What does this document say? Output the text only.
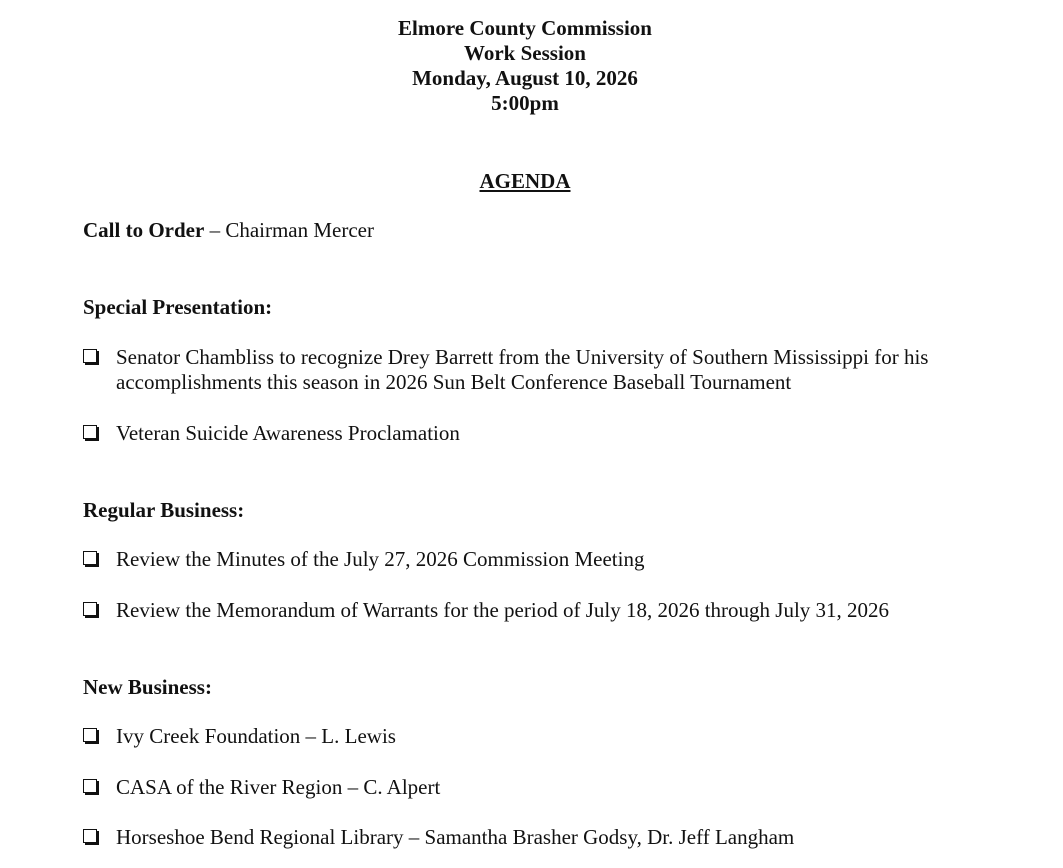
Elmore County Commission
Work Session
Monday, August 10, 2026
5:00pm
AGENDA
Call to Order – Chairman Mercer
Special Presentation:
Senator Chambliss to recognize Drey Barrett from the University of Southern Mississippi for his accomplishments this season in 2026 Sun Belt Conference Baseball Tournament
Veteran Suicide Awareness Proclamation
Regular Business:
Review the Minutes of the July 27, 2026 Commission Meeting
Review the Memorandum of Warrants for the period of July 18, 2026 through July 31, 2026
New Business:
Ivy Creek Foundation – L. Lewis
CASA of the River Region – C. Alpert
Horseshoe Bend Regional Library – Samantha Brasher Godsy, Dr. Jeff Langham
